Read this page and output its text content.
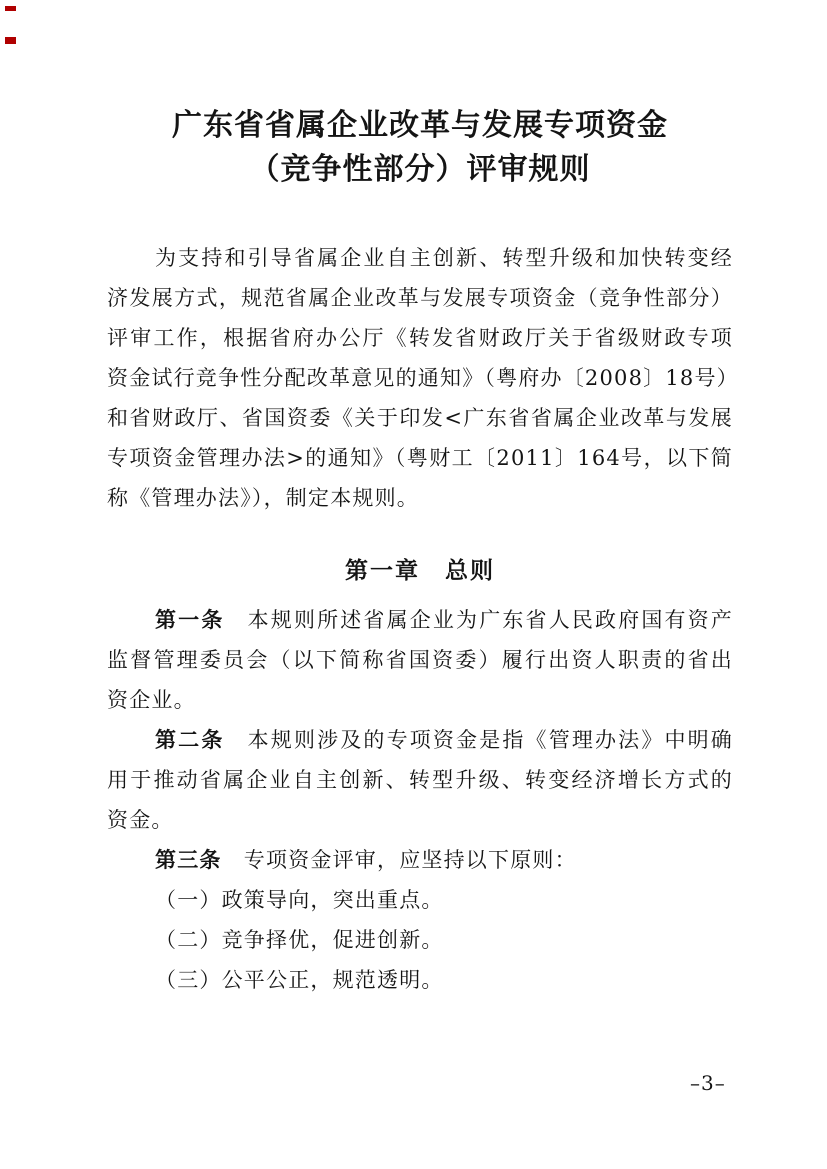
广东省省属企业改革与发展专项资金
（竞争性部分）评审规则
为支持和引导省属企业自主创新、转型升级和加快转变经
济发展方式，规范省属企业改革与发展专项资金（竞争性部分）
评审工作，根据省府办公厅《转发省财政厅关于省级财政专项
资金试行竞争性分配改革意见的通知》（粤府办〔2008〕18号）
和省财政厅、省国资委《关于印发<广东省省属企业改革与发展
专项资金管理办法>的通知》（粤财工〔2011〕164号，以下简
称《管理办法》），制定本规则。
第一章　总则
第一条　本规则所述省属企业为广东省人民政府国有资产
监督管理委员会（以下简称省国资委）履行出资人职责的省出
资企业。
第二条　本规则涉及的专项资金是指《管理办法》中明确
用于推动省属企业自主创新、转型升级、转变经济增长方式的
资金。
第三条　专项资金评审，应坚持以下原则：
（一）政策导向，突出重点。
（二）竞争择优，促进创新。
（三）公平公正，规范透明。
–3–
